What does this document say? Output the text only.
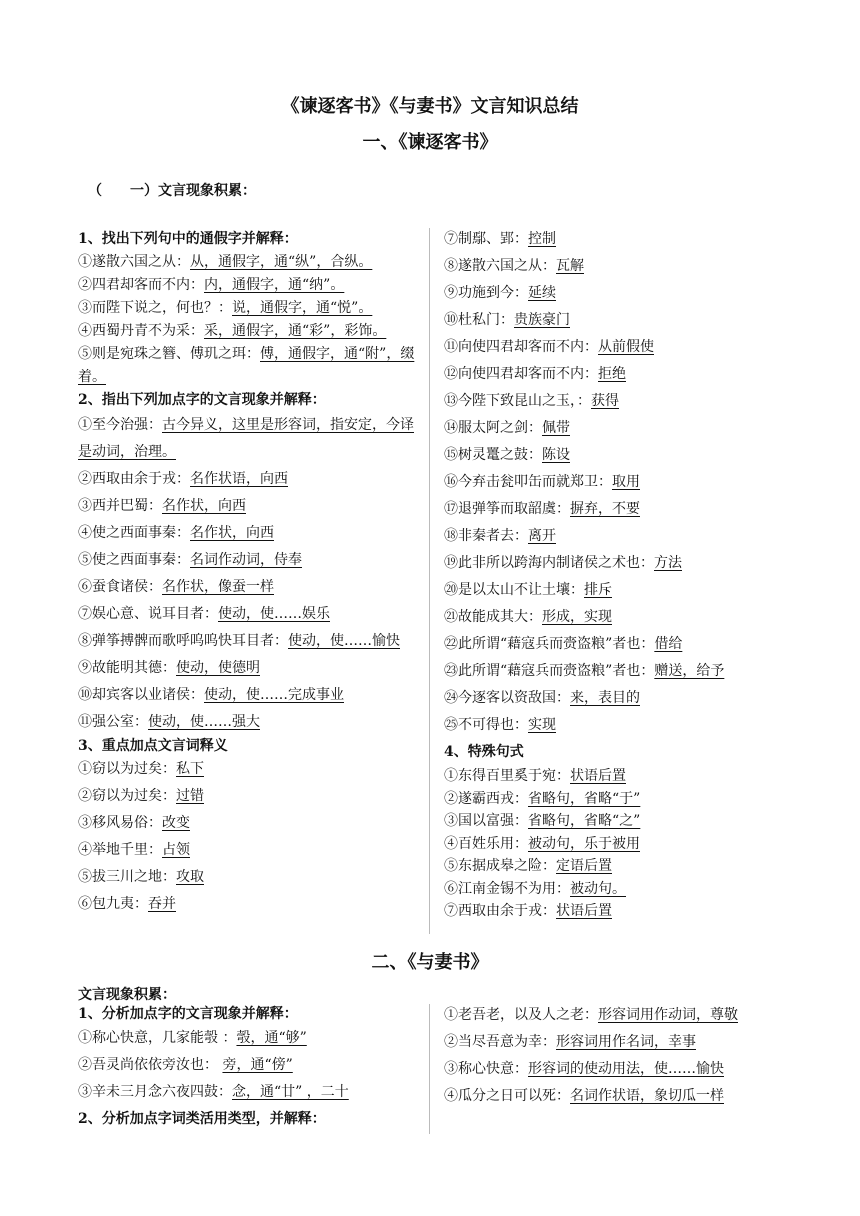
《谏逐客书》《与妻书》文言知识总结
一、《谏逐客书》
（　　一）文言现象积累：
1、找出下列句中的通假字并解释：
①遂散六国之从：从，通假字，通“纵”，合纵。
②四君却客而不内：内，通假字，通“纳”。
③而陛下说之，何也？：说，通假字，通“悦”。
④西蜀丹青不为采：采，通假字，通“彩”，彩饰。
⑤则是宛珠之簪、傅玑之珥：傅，通假字，通“附”，缀着。
2、指出下列加点字的文言现象并解释：
①至今治强：古今异义，这里是形容词，指安定，今译是动词，治理。
②西取由余于戎：名作状语，向西
③西并巴蜀：名作状，向西
④使之西面事秦：名作状，向西
⑤使之西面事秦：名词作动词，侍奉
⑥蚕食诸侯：名作状，像蚕一样
⑦娱心意、说耳目者：使动，使……娱乐
⑧弹筝搏髀而歌呼呜呜快耳目者：使动，使……愉快
⑨故能明其德：使动，使德明
⑩却宾客以业诸侯：使动，使……完成事业
⑪强公室：使动，使……强大
3、重点加点文言词释义
①窃以为过矣：私下
②窃以为过矣：过错
③移风易俗：改变
④举地千里：占领
⑤拔三川之地：攻取
⑥包九夷：吞并
⑦制鄢、郢：控制
⑧遂散六国之从：瓦解
⑨功施到今：延续
⑩杜私门：贵族豪门
⑪向使四君却客而不内：从前假使
⑫向使四君却客而不内：拒绝
⑬今陛下致昆山之玉，：获得
⑭服太阿之剑：佩带
⑮树灵鼍之鼓：陈设
⑯今弃击瓮叩缶而就郑卫：取用
⑰退弹筝而取韶虞：摒弃，不要
⑱非秦者去：离开
⑲此非所以跨海内制诸侯之术也：方法
⑳是以太山不让土壤：排斥
㉑故能成其大：形成，实现
㉒此所谓“藉寇兵而赍盗粮”者也：借给
㉓此所谓“藉寇兵而赍盗粮”者也：赠送，给予
㉔今逐客以资敌国：来，表目的
㉕不可得也：实现
4、特殊句式
①东得百里奚于宛：状语后置
②遂霸西戎：省略句，省略“于”
③国以富强：省略句，省略“之”
④百姓乐用：被动句，乐于被用
⑤东据成皋之险：定语后置
⑥江南金锡不为用：被动句。
⑦西取由余于戎：状语后置
二、《与妻书》
文言现象积累：
1、分析加点字的文言现象并解释：
①称心快意，几家能彀 ：彀，通“够”
②吾灵尚依依旁汝也： 旁，通“傍”
③辛未三月念六夜四鼓：念，通“廿” ，二十
2、分析加点字词类活用类型，并解释：
①老吾老，以及人之老：形容词用作动词，尊敬
②当尽吾意为幸：形容词用作名词，幸事
③称心快意：形容词的使动用法，使……愉快
④瓜分之日可以死：名词作状语，象切瓜一样
